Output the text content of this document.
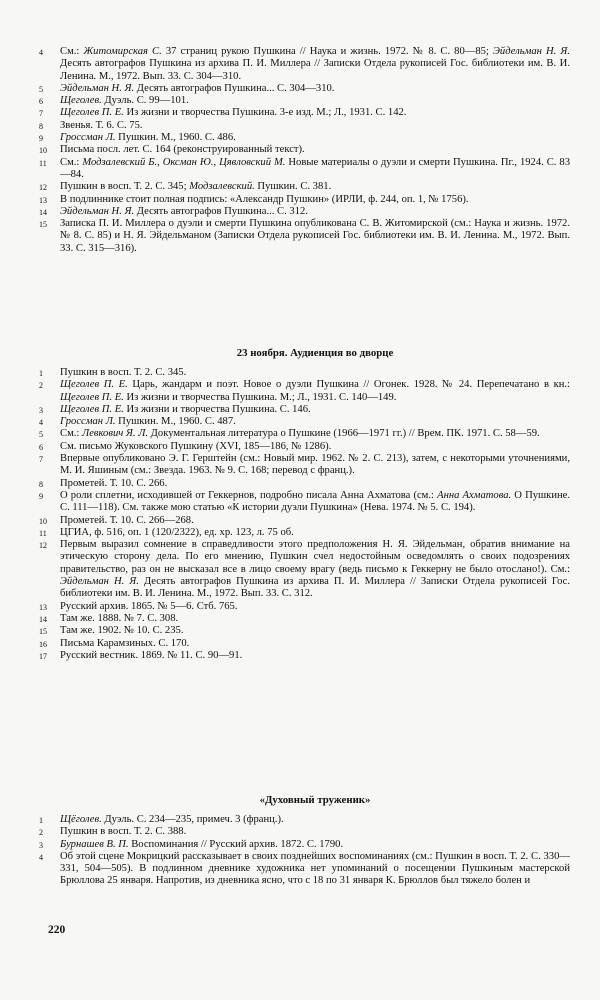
4 См.: Житомирская С. 37 страниц рукою Пушкина // Наука и жизнь. 1972. № 8. С. 80—85; Эйдельман Н. Я. Десять автографов Пушкина из архива П. И. Миллера // Записки Отдела рукописей Гос. библиотеки им. В. И. Ленина. М., 1972. Вып. 33. С. 304—310.
5 Эйдельман Н. Я. Десять автографов Пушкина... С. 304—310.
6 Щеголев. Дуэль. С. 99—101.
7 Щеголев П. Е. Из жизни и творчества Пушкина. 3-е изд. М.; Л., 1931. С. 142.
8 Звенья. Т. 6. С. 75.
9 Гроссман Л. Пушкин. М., 1960. С. 486.
10 Письма посл. лет. С. 164 (реконструированный текст).
11 См.: Модзалевский Б., Оксман Ю., Цявловский М. Новые материалы о дуэли и смерти Пушкина. Пг., 1924. С. 83—84.
12 Пушкин в восп. Т. 2. С. 345; Модзалевский. Пушкин. С. 381.
13 В подлиннике стоит полная подпись: «Александр Пушкин» (ИРЛИ, ф. 244, оп. 1, № 1756).
14 Эйдельман Н. Я. Десять автографов Пушкина... С. 312.
15 Записка П. И. Миллера о дуэли и смерти Пушкина опубликована С. В. Житомирской (см.: Наука и жизнь. 1972. № 8. С. 85) и Н. Я. Эйдельманом (Записки Отдела рукописей Гос. библиотеки им. В. И. Ленина. М., 1972. Вып. 33. С. 315—316).
23 ноября. Аудиенция во дворце
1 Пушкин в восп. Т. 2. С. 345.
2 Щеголев П. Е. Царь, жандарм и поэт. Новое о дуэли Пушкина // Огонек. 1928. № 24. Перепечатано в кн.: Щеголев П. Е. Из жизни и творчества Пушкина. М.; Л., 1931. С. 140—149.
3 Щеголев П. Е. Из жизни и творчества Пушкина. С. 146.
4 Гроссман Л. Пушкин. М., 1960. С. 487.
5 См.: Левкович Я. Л. Документальная литература о Пушкине (1966—1971 гг.) // Врем. ПК. 1971. С. 58—59.
6 См. письмо Жуковского Пушкину (XVI, 185—186, № 1286).
7 Впервые опубликовано Э. Г. Герштейн (см.: Новый мир. 1962. № 2. С. 213), затем, с некоторыми уточнениями, М. И. Яшиным (см.: Звезда. 1963. № 9. С. 168; перевод с франц.).
8 Прометей. Т. 10. С. 266.
9 О роли сплетни, исходившей от Геккернов, подробно писала Анна Ахматова (см.: Анна Ахматова. О Пушкине. С. 111—118). См. также мою статью «К истории дуэли Пушкина» (Нева. 1974. № 5. С. 194).
10 Прометей. Т. 10. С. 266—268.
11 ЦГИА, ф. 516, оп. 1 (120/2322), ед. хр. 123, л. 75 об.
12 Первым выразил сомнение в справедливости этого предположения Н. Я. Эйдельман, обратив внимание на этическую сторону дела. По его мнению, Пушкин счел недостойным осведомлять о своих подозрениях правительство, раз он не высказал все в лицо своему врагу (ведь письмо к Геккерну не было отослано!). См.: Эйдельман Н. Я. Десять автографов Пушкина из архива П. И. Миллера // Записки Отдела рукописей Гос. библиотеки им. В. И. Ленина. М., 1972. Вып. 33. С. 312.
13 Русский архив. 1865. № 5—6. Стб. 765.
14 Там же. 1888. № 7. С. 308.
15 Там же. 1902. № 10. С. 235.
16 Письма Карамзиных. С. 170.
17 Русский вестник. 1869. № 11. С. 90—91.
«Духовный труженик»
1 Щёголев. Дуэль. С. 234—235, примеч. 3 (франц.).
2 Пушкин в восп. Т. 2. С. 388.
3 Бурнашев В. П. Воспоминания // Русский архив. 1872. С. 1790.
4 Об этой сцене Мокрицкий рассказывает в своих позднейших воспоминаниях (см.: Пушкин в восп. Т. 2. С. 330—331, 504—505). В подлинном дневнике художника нет упоминаний о посещении Пушкиным мастерской Брюллова 25 января. Напротив, из дневника ясно, что с 18 по 31 января К. Брюллов был тяжело болен и
220
